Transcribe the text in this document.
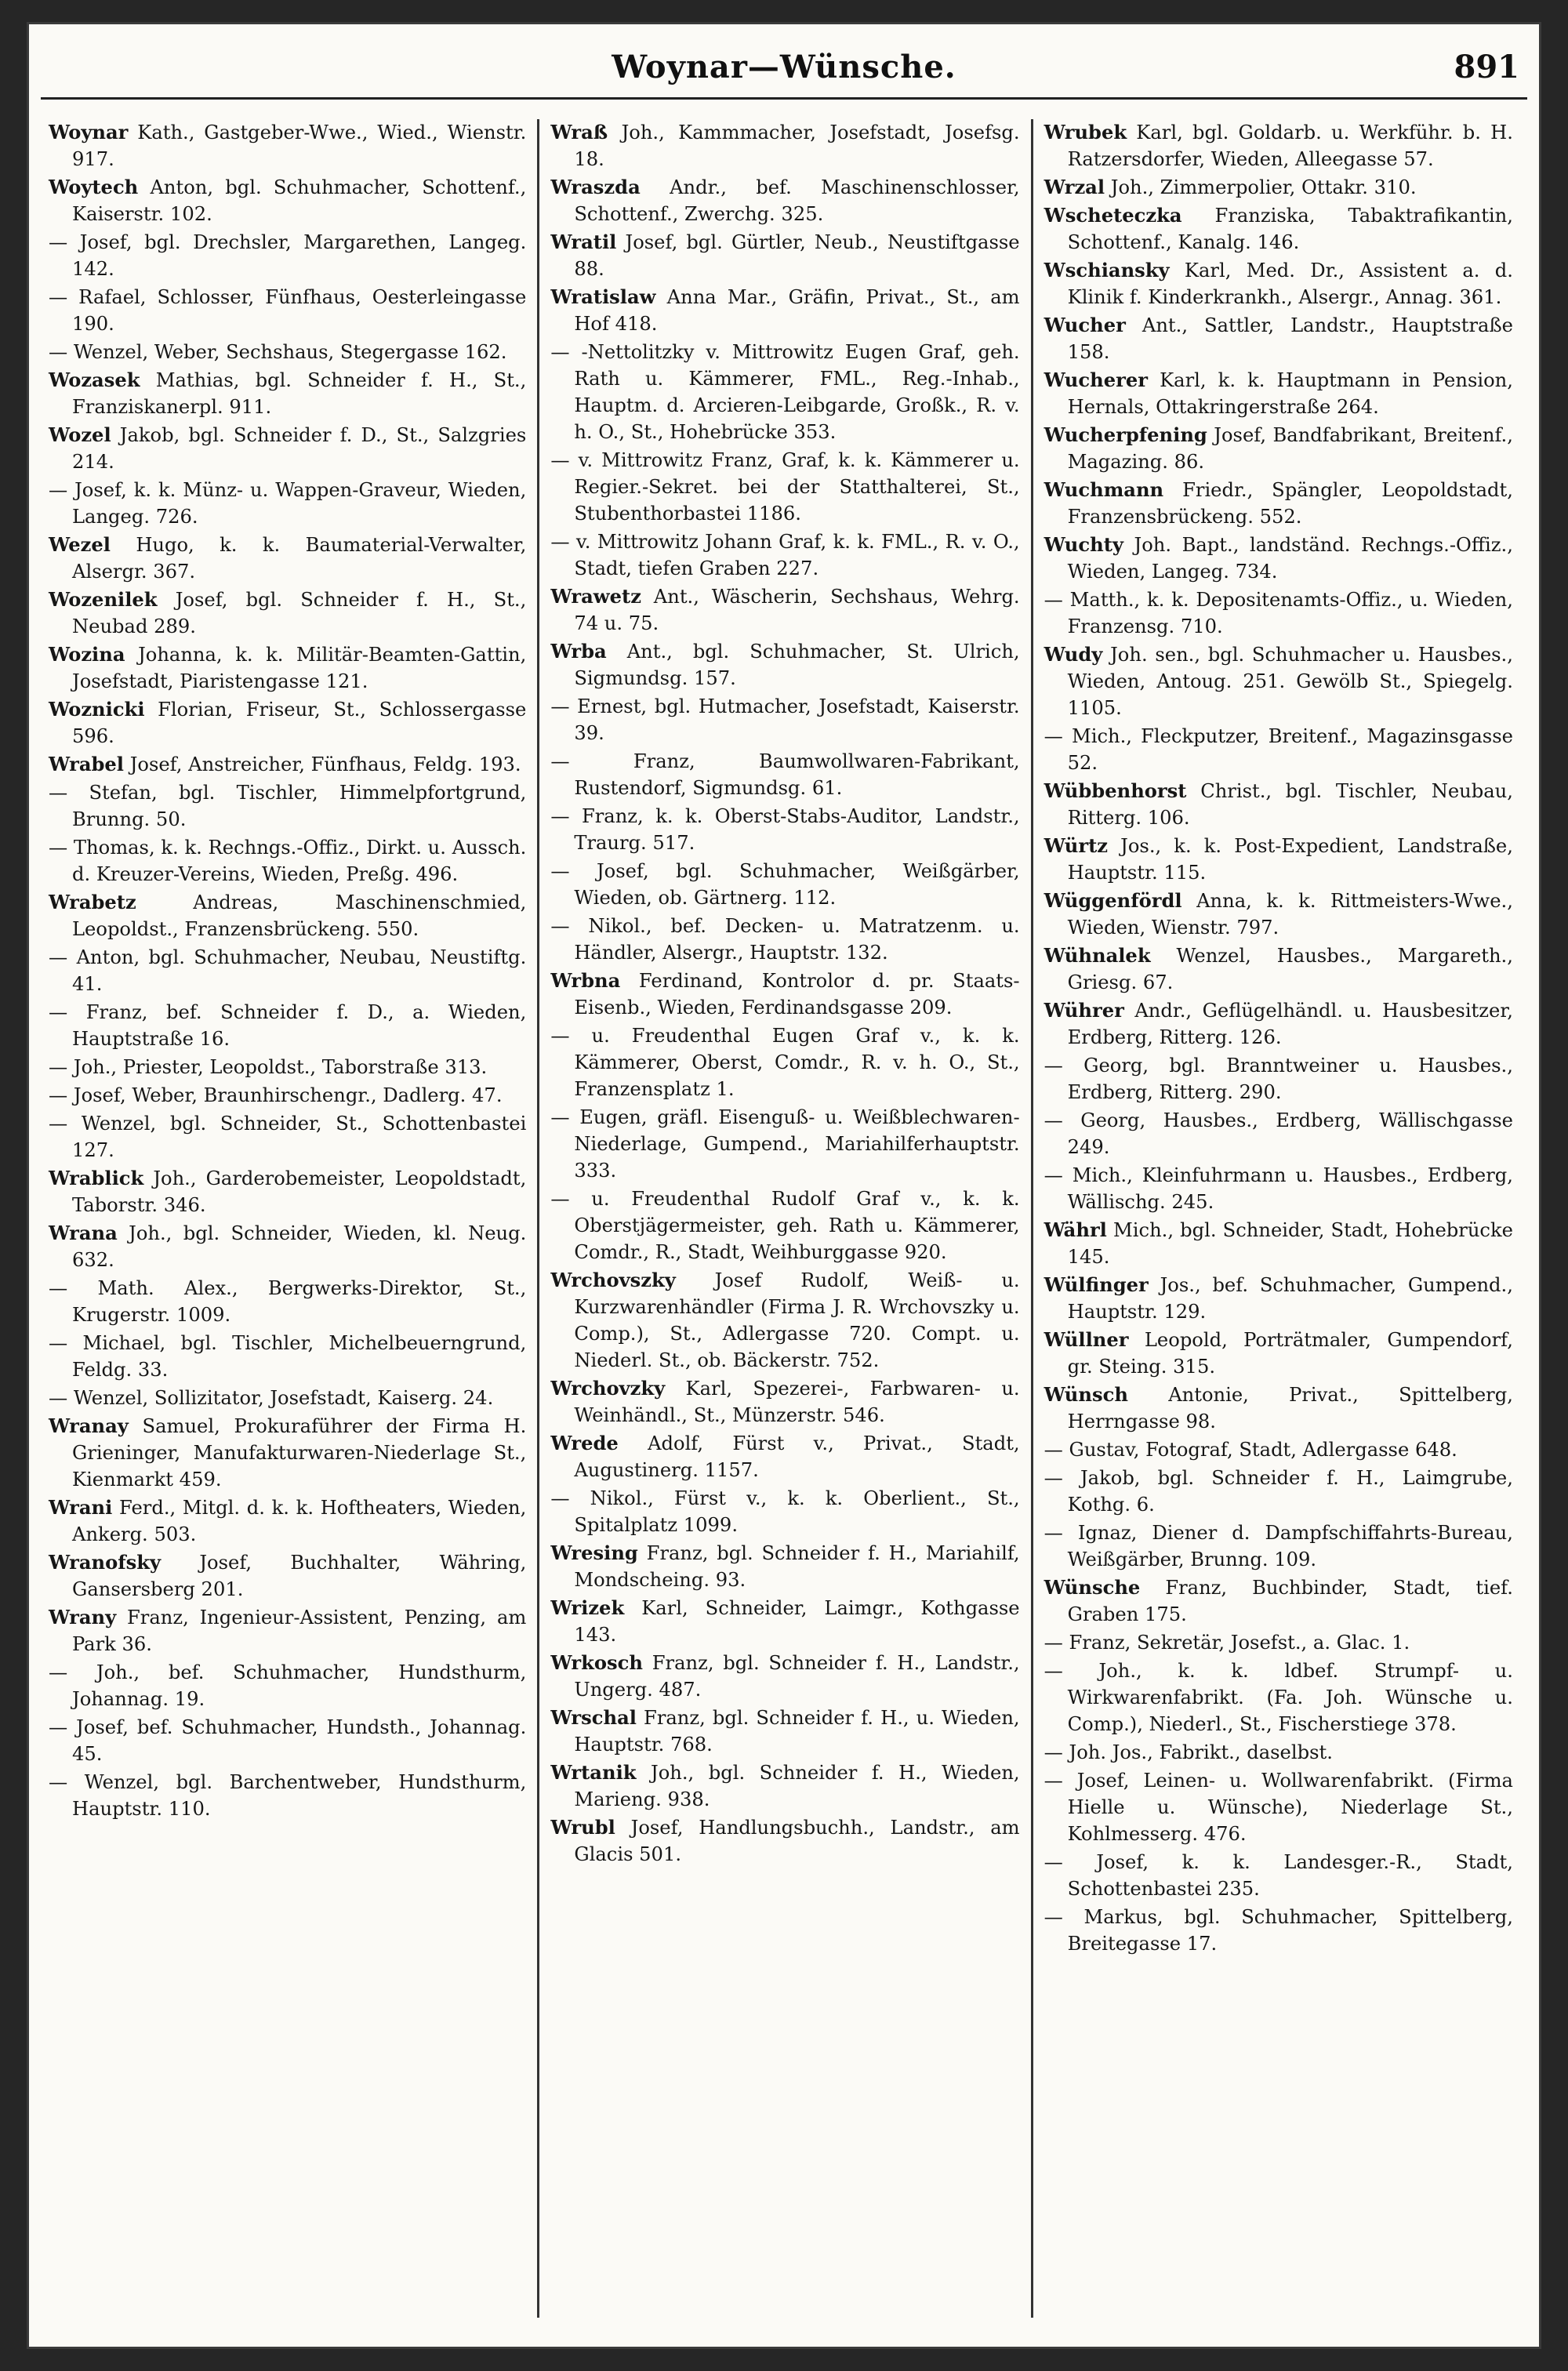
Woynar—Wünsche.	891
Woynar Kath., Gastgeber-Wwe., Wied., Wienstr. 917.
Woytech Anton, bgl. Schuhmacher, Schottenf., Kaiserstr. 102.
— Josef, bgl. Drechsler, Margarethen, Langeg. 142.
— Rafael, Schlosser, Fünfhaus, Oesterleingasse 190.
— Wenzel, Weber, Sechshaus, Stegergasse 162.
Wozasek Mathias, bgl. Schneider f. H., St., Franziskanerpl. 911.
Wozel Jakob, bgl. Schneider f. D., St., Salzgries 214.
— Josef, k. k. Münz- u. Wappen-Graveur, Wieden, Langeg. 726.
Wezel Hugo, k. k. Baumaterial-Verwalter, Alsergr. 367.
Wozenilek Josef, bgl. Schneider f. H., St., Neubad 289.
Wozina Johanna, k. k. Militär-Beamten-Gattin, Josefstadt, Piaristengasse 121.
Woznicki Florian, Friseur, St., Schlossergasse 596.
Wrabel Josef, Anstreicher, Fünfhaus, Feldg. 193.
— Stefan, bgl. Tischler, Himmelpfortgrund, Brunng. 50.
— Thomas, k. k. Rechngs.-Offiz., Dirkt. u. Aussch. d. Kreuzer-Vereins, Wieden, Preßg. 496.
Wrabetz	Andreas, Maschinenschmied, Leopoldst., Franzensbrückeng. 550.
— Anton, bgl. Schuhmacher, Neubau, Neustiftg. 41.
— Franz, bef. Schneider f. D., a. Wieden, Hauptstraße 16.
— Joh., Priester, Leopoldst., Taborstraße 313.
— Josef, Weber, Braunhirschengr., Dadlerg. 47.
— Wenzel, bgl. Schneider, St., Schottenbastei 127.
Wrablick Joh., Garderobemeister, Leopoldstadt, Taborstr. 346.
Wrana Joh., bgl. Schneider, Wieden, kl. Neug. 632.
— Math. Alex., Bergwerks-Direktor, St., Krugerstr. 1009.
— Michael, bgl. Tischler, Michelbeuerngrund, Feldg. 33.
— Wenzel, Sollizitator, Josefstadt, Kaiserg. 24.
Wranay Samuel, Prokuraführer der Firma H. Grieninger, Manufakturwaren-Niederlage St., Kienmarkt 459.
Wrani Ferd., Mitgl. d. k. k. Hoftheaters, Wieden, Ankerg. 503.
Wranofsky Josef, Buchhalter, Währing, Gansersberg 201.
Wrany Franz, Ingenieur-Assistent, Penzing, am Park 36.
— Joh., bef. Schuhmacher, Hundsthurm, Johannag. 19.
— Josef, bef. Schuhmacher, Hundsth., Johannag. 45.
— Wenzel, bgl. Barchentweber, Hundsthurm, Hauptstr. 110.
Wraß Joh., Kammmacher, Josefstadt, Josefsg. 18.
Wraszda Andr., bef. Maschinenschlosser, Schottenf., Zwerchg. 325.
Wratil Josef, bgl. Gürtler, Neub., Neustiftgasse 88.
Wratislaw Anna Mar., Gräfin, Privat., St., am Hof 418.
— -Nettolitzky v. Mittrowitz Eugen Graf, geh. Rath u. Kämmerer, FML., Reg.-Inhab., Hauptm. d. Arcieren-Leibgarde, Großk., R. v. h. O., St., Hohebrücke 353.
— v. Mittrowitz Franz, Graf, k. k. Kämmerer u. Regier.-Sekret. bei der Statthalterei, St., Stubenthorbastei 1186.
— v. Mittrowitz Johann Graf, k. k. FML., R. v. O., Stadt, tiefen Graben 227.
Wrawetz Ant., Wäscherin, Sechshaus, Wehrg. 74 u. 75.
Wrba Ant., bgl. Schuhmacher, St. Ulrich, Sigmundsg. 157.
— Ernest, bgl. Hutmacher, Josefstadt, Kaiserstr. 39.
— Franz, Baumwollwaren-Fabrikant, Rustendorf, Sigmundsg. 61.
— Franz, k. k. Oberst-Stabs-Auditor, Landstr., Traurg. 517.
— Josef, bgl. Schuhmacher, Weißgärber, Wieden, ob. Gärtnerg. 112.
— Nikol., bef. Decken- u. Matratzenm. u. Händler, Alsergr., Hauptstr. 132.
Wrbna Ferdinand, Kontrolor d. pr. Staats-Eisenb., Wieden, Ferdinandsgasse 209.
— u. Freudenthal Eugen Graf v., k. k. Kämmerer, Oberst, Comdr., R. v. h. O., St., Franzensplatz 1.
— Eugen, gräfl. Eisenguß- u. Weißblechwaren-Niederlage, Gumpend., Mariahilferhauptstr. 333.
— u. Freudenthal Rudolf Graf v., k. k. Oberstjägermeister, geh. Rath u. Kämmerer, Comdr., R., Stadt, Weihburggasse 920.
Wrchovszky Josef Rudolf, Weiß- u. Kurzwarenhändler (Firma J. R. Wrchovszky u. Comp.), St., Adlergasse 720. Compt. u. Niederl. St., ob. Bäckerstr. 752.
Wrchovzky Karl, Spezerei-, Farbwaren- u. Weinhändl., St., Münzerstr. 546.
Wrede Adolf, Fürst v., Privat., Stadt, Augustinerg. 1157.
— Nikol., Fürst v., k. k. Oberlient., St., Spitalplatz 1099.
Wresing Franz, bgl. Schneider f. H., Mariahilf, Mondscheing. 93.
Wrizek Karl, Schneider, Laimgr., Kothgasse 143.
Wrkosch Franz, bgl. Schneider f. H., Landstr., Ungerg. 487.
Wrschal Franz, bgl. Schneider f. H., u. Wieden, Hauptstr. 768.
Wrtanik Joh., bgl. Schneider f. H., Wieden, Marieng. 938.
Wrubl Josef, Handlungsbuchh., Landstr., am Glacis 501.
Wrubek Karl, bgl. Goldarb. u. Werkführ. b. H. Ratzersdorfer, Wieden, Alleegasse 57.
Wrzal Joh., Zimmerpolier, Ottakr. 310.
Wscheteczka Franziska, Tabaktrafikantin, Schottenf., Kanalg. 146.
Wschiansky Karl, Med. Dr., Assistent a. d. Klinik f. Kinderkrankh., Alsergr., Annag. 361.
Wucher Ant., Sattler, Landstr., Hauptstraße 158.
Wucherer Karl, k. k. Hauptmann in Pension, Hernals, Ottakringerstraße 264.
Wucherpfening Josef, Bandfabrikant, Breitenf., Magazing. 86.
Wuchmann Friedr., Spängler, Leopoldstadt, Franzensbrückeng. 552.
Wuchty Joh. Bapt., landständ. Rechngs.-Offiz., Wieden, Langeg. 734.
— Matth., k. k. Depositenamts-Offiz., u. Wieden, Franzensg. 710.
Wudy Joh. sen., bgl. Schuhmacher u. Hausbes., Wieden, Antoug. 251. Gewölb St., Spiegelg. 1105.
— Mich., Fleckputzer, Breitenf., Magazinsgasse 52.
Wübbenhorst Christ., bgl. Tischler, Neubau, Ritterg. 106.
Würtz Jos., k. k. Post-Expedient, Landstraße, Hauptstr. 115.
Wüggenfördl Anna, k. k. Rittmeisters-Wwe., Wieden, Wienstr. 797.
Wühnalek Wenzel, Hausbes., Margareth., Griesg. 67.
Wührer Andr., Geflügelhändl. u. Hausbesitzer, Erdberg, Ritterg. 126.
— Georg, bgl. Branntweiner u. Hausbes., Erdberg, Ritterg. 290.
— Georg, Hausbes., Erdberg, Wällischgasse 249.
— Mich., Kleinfuhrmann u. Hausbes., Erdberg, Wällischg. 245.
Währl Mich., bgl. Schneider, Stadt, Hohebrücke 145.
Wülfinger Jos., bef. Schuhmacher, Gumpend., Hauptstr. 129.
Wüllner Leopold, Porträtmaler, Gumpendorf, gr. Steing. 315.
Wünsch Antonie, Privat., Spittelberg, Herrngasse 98.
— Gustav, Fotograf, Stadt, Adlergasse 648.
— Jakob, bgl. Schneider f. H., Laimgrube, Kothg. 6.
— Ignaz, Diener d. Dampfschiffahrts-Bureau, Weißgärber, Brunng. 109.
Wünsche Franz, Buchbinder, Stadt, tief. Graben 175.
— Franz, Sekretär, Josefst., a. Glac. 1.
— Joh., k. k. ldbef. Strumpf- u. Wirkwarenfabrikt. (Fa. Joh. Wünsche u. Comp.), Niederl., St., Fischerstiege 378.
— Joh. Jos., Fabrikt., daselbst.
— Josef, Leinen- u. Wollwarenfabrikt. (Firma Hielle u. Wünsche), Niederlage St., Kohlmesserg. 476.
— Josef, k. k. Landesger.-R., Stadt, Schottenbastei 235.
— Markus, bgl. Schuhmacher, Spittelberg, Breitegasse 17.
